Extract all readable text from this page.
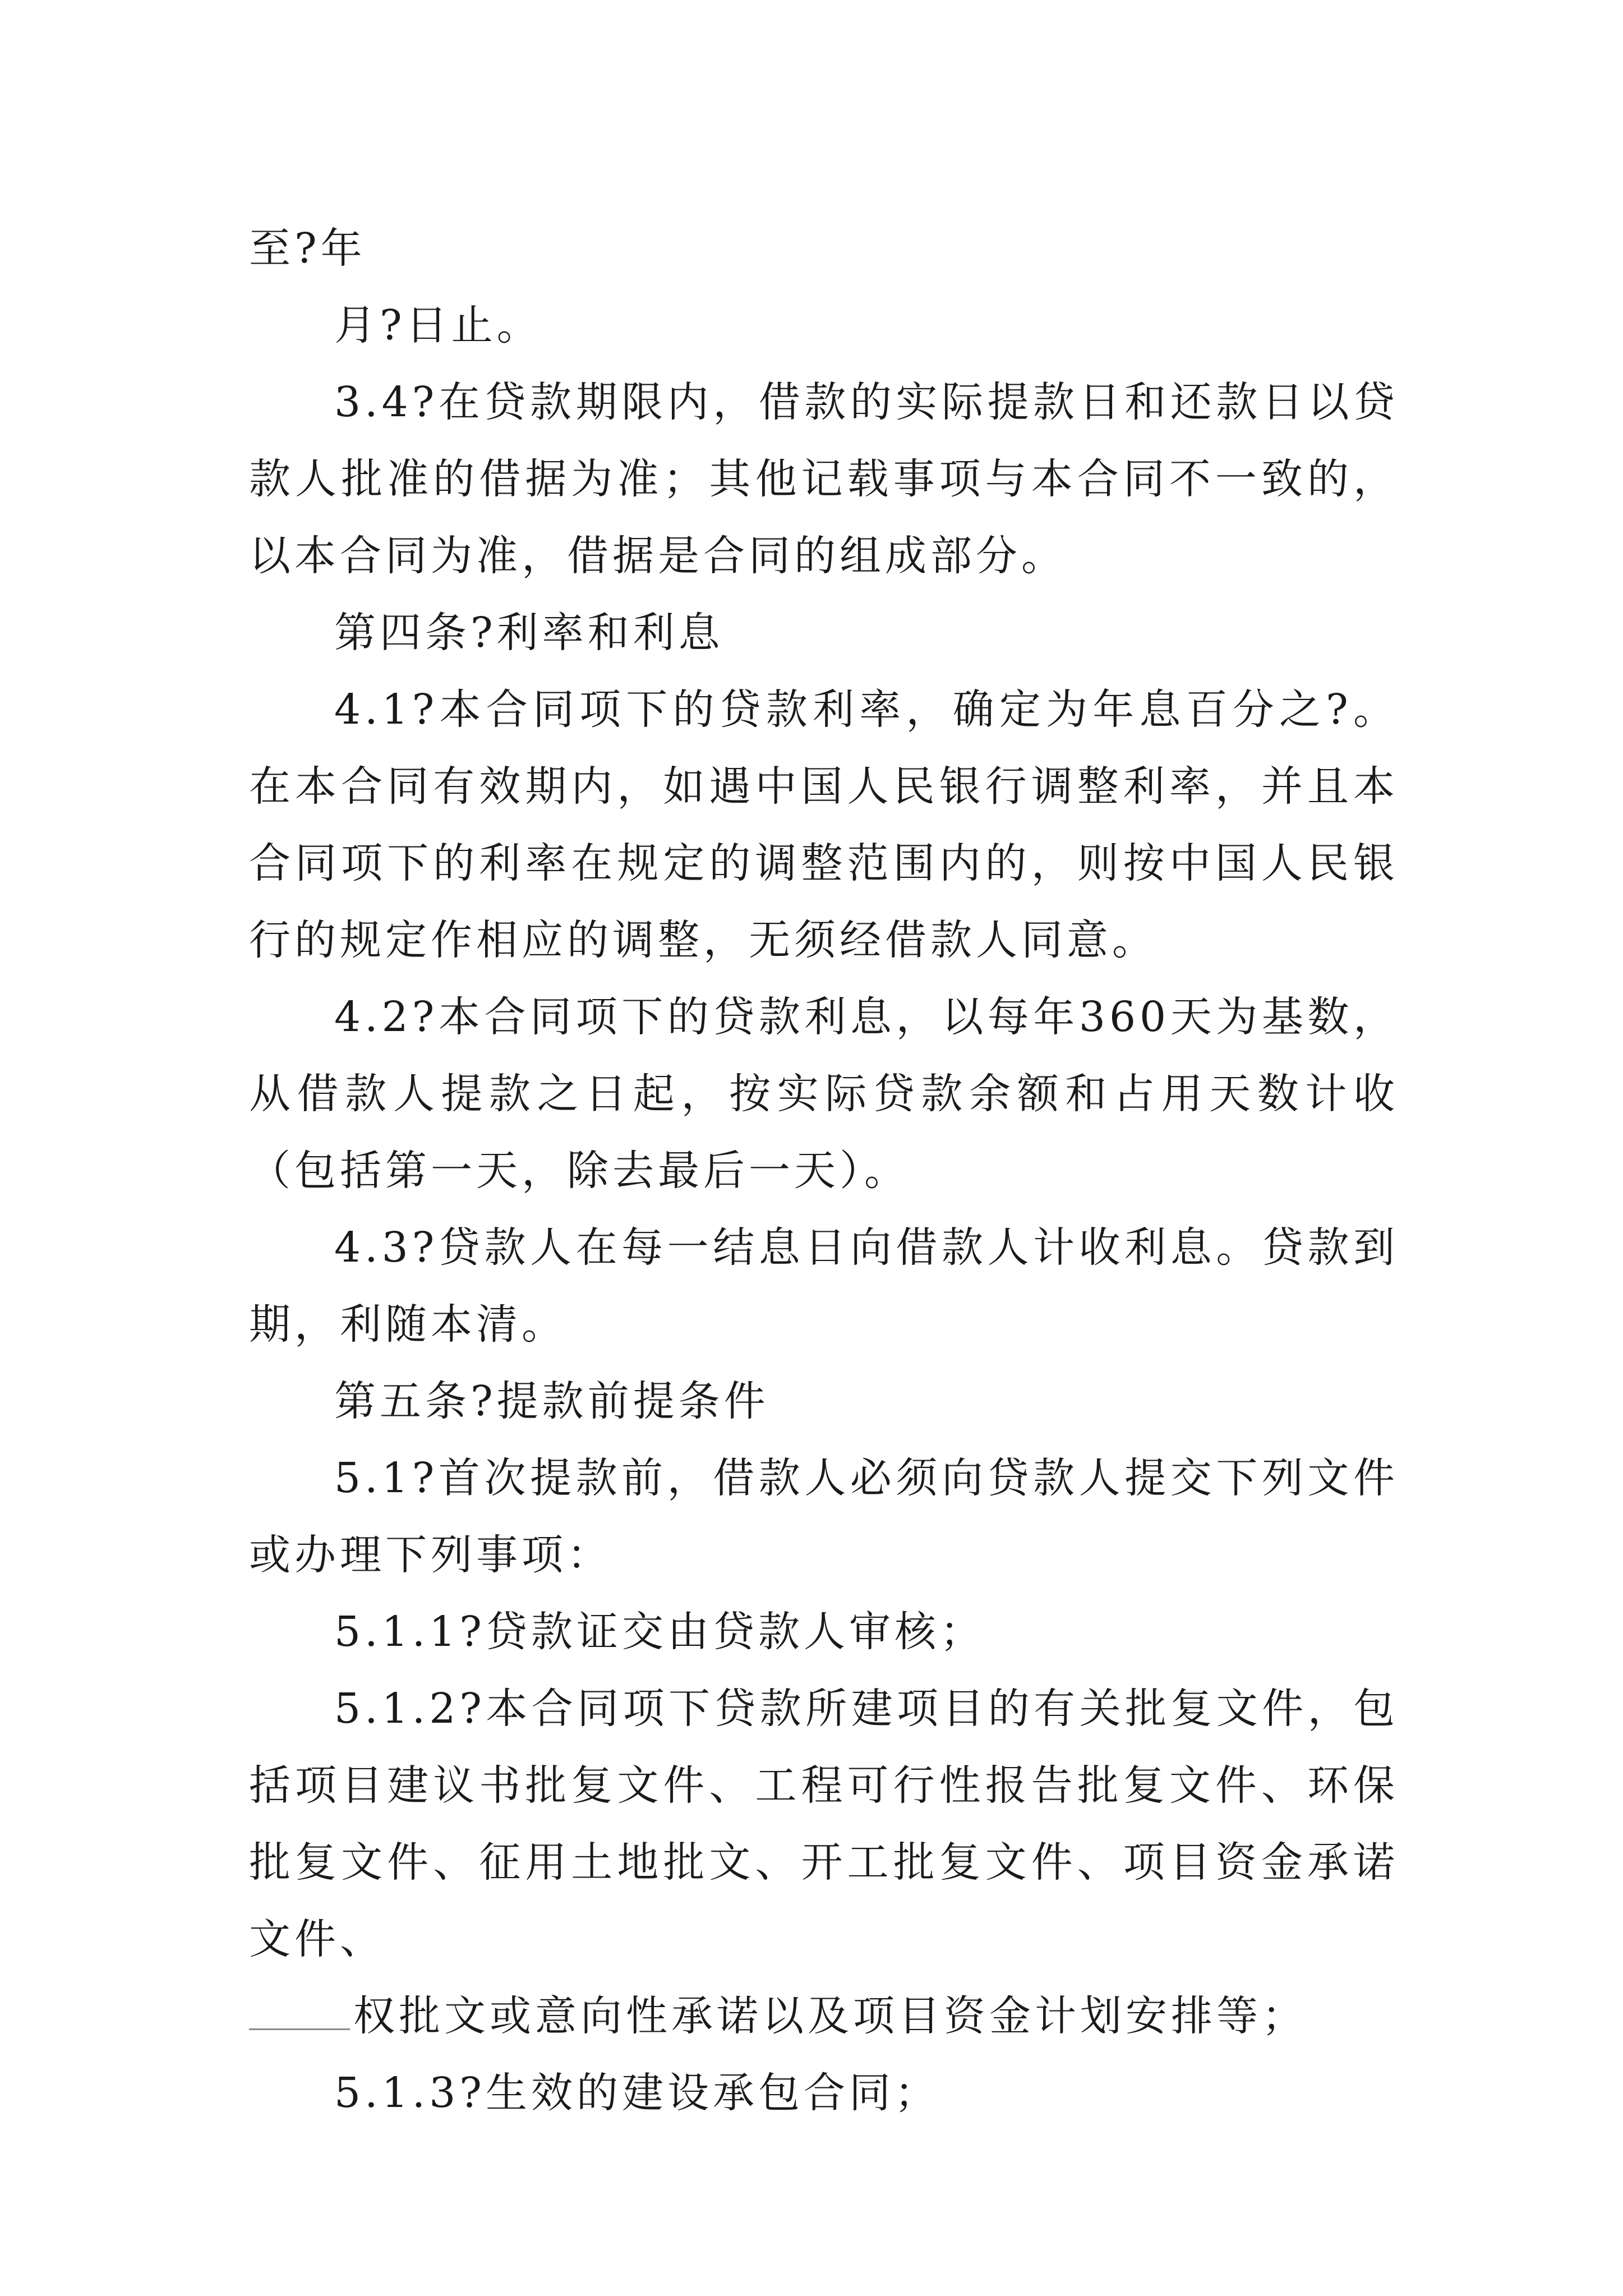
至?年

月?日止。

3.4?在贷款期限内，借款的实际提款日和还款日以贷款人批准的借据为准；其他记载事项与本合同不一致的，以本合同为准，借据是合同的组成部分。

第四条?利率和利息

4.1?本合同项下的贷款利率，确定为年息百分之?。在本合同有效期内，如遇中国人民银行调整利率，并且本合同项下的利率在规定的调整范围内的，则按中国人民银行的规定作相应的调整，无须经借款人同意。

4.2?本合同项下的贷款利息，以每年360天为基数，从借款人提款之日起，按实际贷款余额和占用天数计收（包括第一天，除去最后一天）。

4.3?贷款人在每一结息日向借款人计收利息。贷款到期，利随本清。

第五条?提款前提条件

5.1?首次提款前，借款人必须向贷款人提交下列文件或办理下列事项：

5.1.1?贷款证交由贷款人审核；

5.1.2?本合同项下贷款所建项目的有关批复文件，包括项目建议书批复文件、工程可行性报告批复文件、环保批复文件、征用土地批文、开工批复文件、项目资金承诺文件、

权批文或意向性承诺以及项目资金计划安排等；

5.1.3?生效的建设承包合同；
